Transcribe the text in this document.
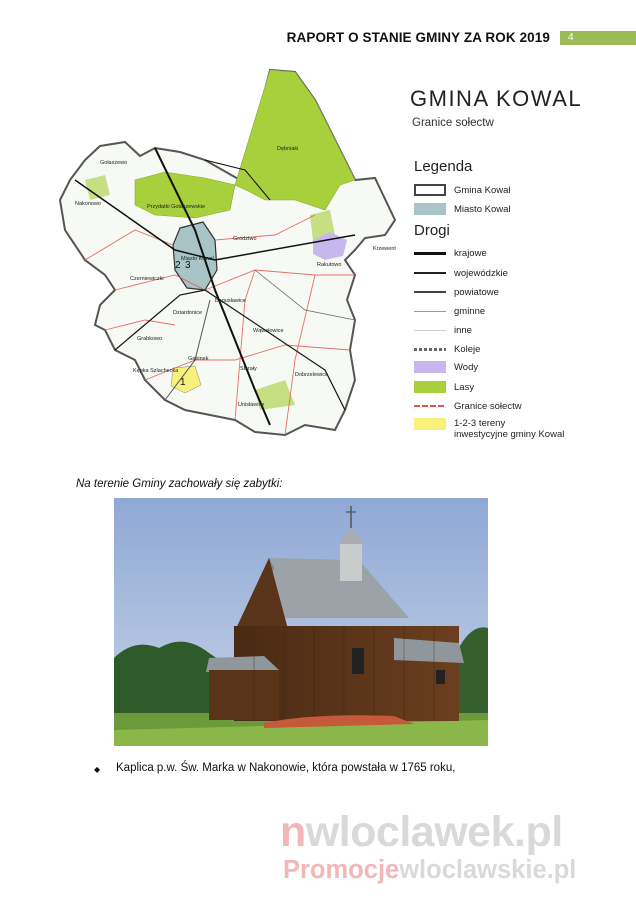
RAPORT O STANIE GMINY ZA ROK 2019	4
Dębniaki
Nakonowo
Gołaszewo
Przydatki Gołaszewskie
Grodztwo
Krzewent
Rakutowo
Miasto Kowal
Czerniewiczki
Bogusławice
Dziardonice
Wąwałowice
Grabkowo
Gąbinek
Kępka Szlachecka	Strzały
Dobrzelewice
Unisławice
2 3
1
GMINA KOWAL
Granice sołectw
Legenda
Gmina Kowal
Miasto Kowal
Drogi
krajowe
wojewódzkie
powiatowe
gminne
inne
Koleje
Wody
Lasy
Granice sołectw
1-2-3 tereny
inwestycyjne gminy Kowal
Na terenie Gminy zachowały się zabytki:
◆	Kaplica p.w. Św. Marka w Nakonowie, która powstała w 1765 roku,
nwloclawek.pl
Promocjewloclawskie.pl
